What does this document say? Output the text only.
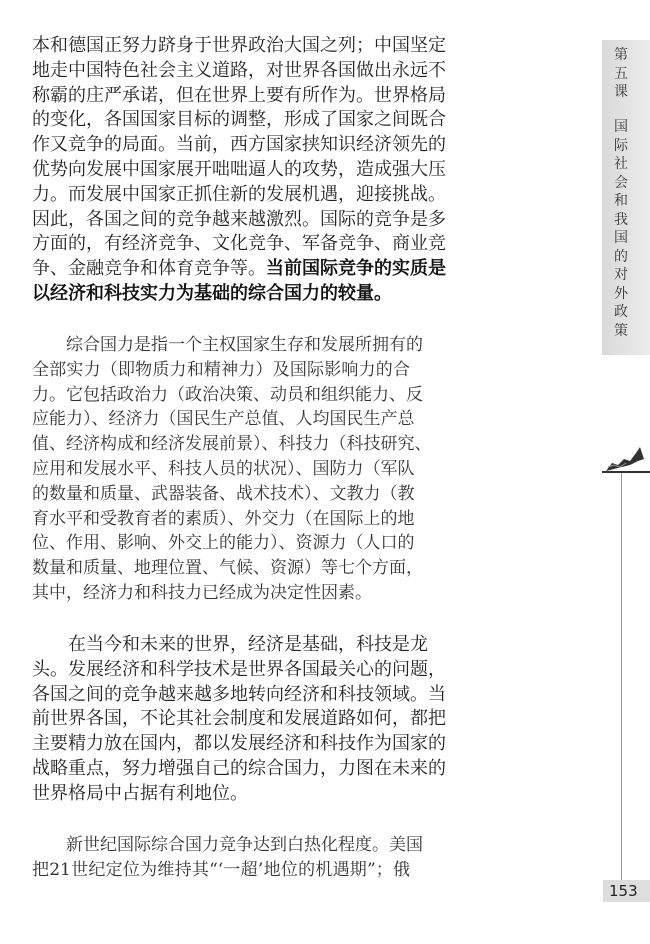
第五课
国际社会和我国的对外政策
153
本和德国正努力跻身于世界政治大国之列；中国坚定
地走中国特色社会主义道路，对世界各国做出永远不
称霸的庄严承诺，但在世界上要有所作为。世界格局
的变化，各国国家目标的调整，形成了国家之间既合
作又竞争的局面。当前，西方国家挟知识经济领先的
优势向发展中国家展开咄咄逼人的攻势，造成强大压
力。而发展中国家正抓住新的发展机遇，迎接挑战。
因此，各国之间的竞争越来越激烈。国际的竞争是多
方面的，有经济竞争、文化竞争、军备竞争、商业竞
争、金融竞争和体育竞争等。当前国际竞争的实质是
以经济和科技实力为基础的综合国力的较量。
　　综合国力是指一个主权国家生存和发展所拥有的
全部实力（即物质力和精神力）及国际影响力的合
力。它包括政治力（政治决策、动员和组织能力、反
应能力）、经济力（国民生产总值、人均国民生产总
值、经济构成和经济发展前景）、科技力（科技研究、
应用和发展水平、科技人员的状况）、国防力（军队
的数量和质量、武器装备、战术技术）、文教力（教
育水平和受教育者的素质）、外交力（在国际上的地
位、作用、影响、外交上的能力）、资源力（人口的
数量和质量、地理位置、气候、资源）等七个方面，
其中，经济力和科技力已经成为决定性因素。
　　在当今和未来的世界，经济是基础，科技是龙
头。发展经济和科学技术是世界各国最关心的问题，
各国之间的竞争越来越多地转向经济和科技领域。当
前世界各国，不论其社会制度和发展道路如何，都把
主要精力放在国内，都以发展经济和科技作为国家的
战略重点，努力增强自己的综合国力，力图在未来的
世界格局中占据有利地位。
　　新世纪国际综合国力竞争达到白热化程度。美国
把21世纪定位为维持其“‘一超’地位的机遇期”；俄
